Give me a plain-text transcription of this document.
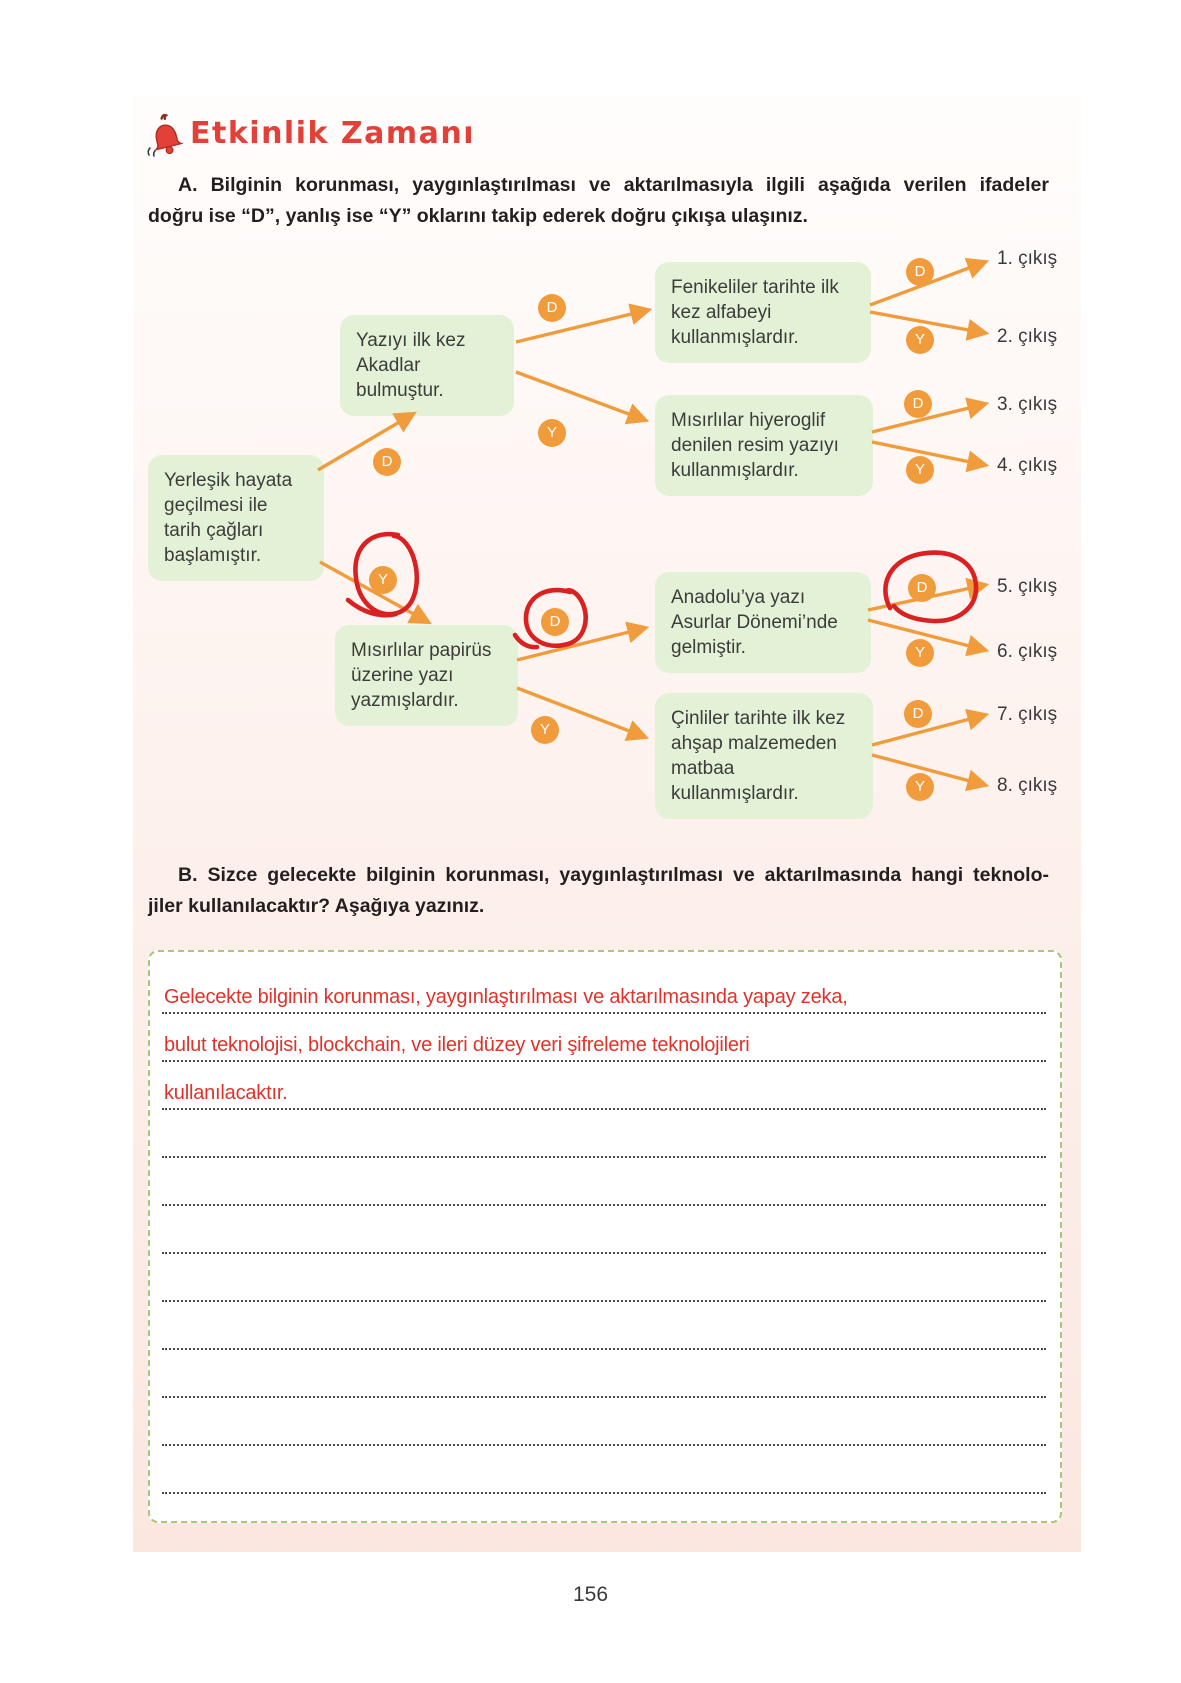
Etkinlik Zamanı
A. Bilginin korunması, yaygınlaştırılması ve aktarılmasıyla ilgili aşağıda verilen ifadeler
doğru ise “D”, yanlış ise “Y” oklarını takip ederek doğru çıkışa ulaşınız.
Yerleşik hayata geçilmesi ile tarih çağları başlamıştır.
Yazıyı ilk kez Akadlar bulmuştur.
Fenikeliler tarihte ilk kez alfabeyi kullanmışlardır.
Mısırlılar hiyeroglif denilen resim yazıyı kullanmışlardır.
Mısırlılar papirüs üzerine yazı yazmışlardır.
Anadolu’ya yazı Asurlar Dönemi’nde gelmiştir.
Çinliler tarihte ilk kez ahşap malzemeden matbaa kullanmışlardır.
D
Y
D
Y
D
Y
D
Y
D
Y
D
Y
D
Y
1. çıkış
2. çıkış
3. çıkış
4. çıkış
5. çıkış
6. çıkış
7. çıkış
8. çıkış
B. Sizce gelecekte bilginin korunması, yaygınlaştırılması ve aktarılmasında hangi teknolo-
jiler kullanılacaktır? Aşağıya yazınız.
Gelecekte bilginin korunması, yaygınlaştırılması ve aktarılmasında yapay zeka,
bulut teknolojisi, blockchain, ve ileri düzey veri şifreleme teknolojileri
kullanılacaktır.
156
